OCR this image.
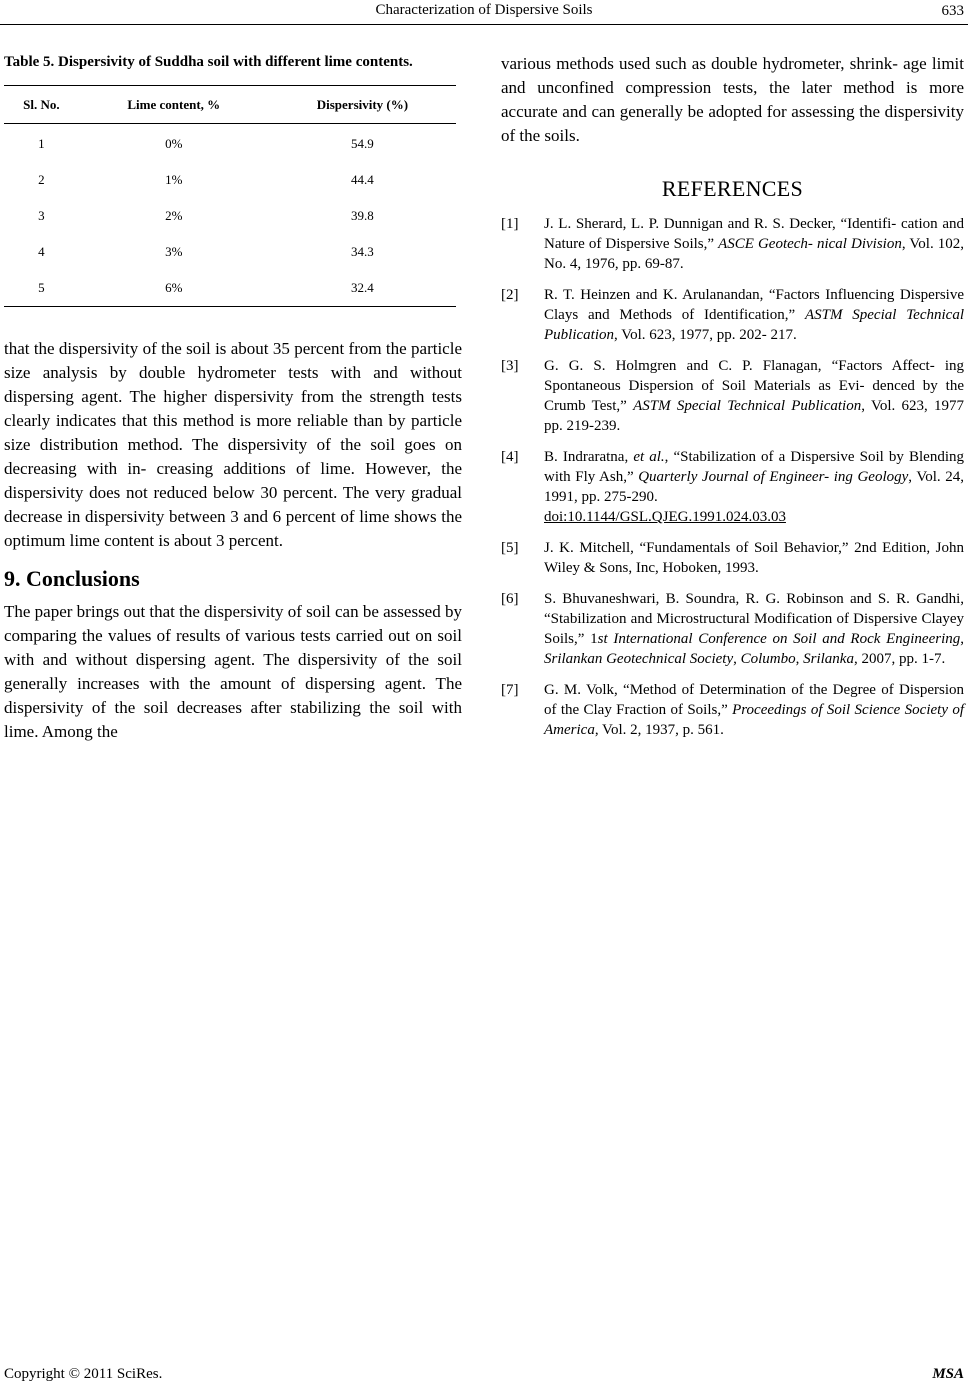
Characterization of Dispersive Soils	633

Table 5. Dispersivity of Suddha soil with different lime contents.

Sl. No.	Lime content, %	Dispersivity (%)
1	0%	54.9
2	1%	44.4
3	2%	39.8
4	3%	34.3
5	6%	32.4

that the dispersivity of the soil is about 35 percent from the particle size analysis by double hydrometer tests with and without dispersing agent. The higher dispersivity from the strength tests clearly indicates that this method is more reliable than by particle size distribution method. The dispersivity of the soil goes on decreasing with in- creasing additions of lime. However, the dispersivity does not reduced below 30 percent. The very gradual decrease in dispersivity between 3 and 6 percent of lime shows the optimum lime content is about 3 percent.

9. Conclusions

The paper brings out that the dispersivity of soil can be assessed by comparing the values of results of various tests carried out on soil with and without dispersing agent. The dispersivity of the soil generally increases with the amount of dispersing agent. The dispersivity of the soil decreases after stabilizing the soil with lime. Among the

various methods used such as double hydrometer, shrink- age limit and unconfined compression tests, the later method is more accurate and can generally be adopted for assessing the dispersivity of the soils.

REFERENCES
[1] J. L. Sherard, L. P. Dunnigan and R. S. Decker, “Identifi- cation and Nature of Dispersive Soils,” ASCE Geotech- nical Division, Vol. 102, No. 4, 1976, pp. 69-87.
[2] R. T. Heinzen and K. Arulanandan, “Factors Influencing Dispersive Clays and Methods of Identification,” ASTM Special Technical Publication, Vol. 623, 1977, pp. 202- 217.
[3] G. G. S. Holmgren and C. P. Flanagan, “Factors Affect- ing Spontaneous Dispersion of Soil Materials as Evi- denced by the Crumb Test,” ASTM Special Technical Publication, Vol. 623, 1977 pp. 219-239.
[4] B. Indraratna, et al., “Stabilization of a Dispersive Soil by Blending with Fly Ash,” Quarterly Journal of Engineer- ing Geology, Vol. 24, 1991, pp. 275-290.
doi:10.1144/GSL.QJEG.1991.024.03.03
[5] J. K. Mitchell, “Fundamentals of Soil Behavior,” 2nd Edition, John Wiley & Sons, Inc, Hoboken, 1993.
[6] S. Bhuvaneshwari, B. Soundra, R. G. Robinson and S. R. Gandhi, “Stabilization and Microstructural Modification of Dispersive Clayey Soils,” 1st International Conference on Soil and Rock Engineering, Srilankan Geotechnical Society, Columbo, Srilanka, 2007, pp. 1-7.
[7] G. M. Volk, “Method of Determination of the Degree of Dispersion of the Clay Fraction of Soils,” Proceedings of Soil Science Society of America, Vol. 2, 1937, p. 561.
Copyright © 2011 SciRes.	MSA
